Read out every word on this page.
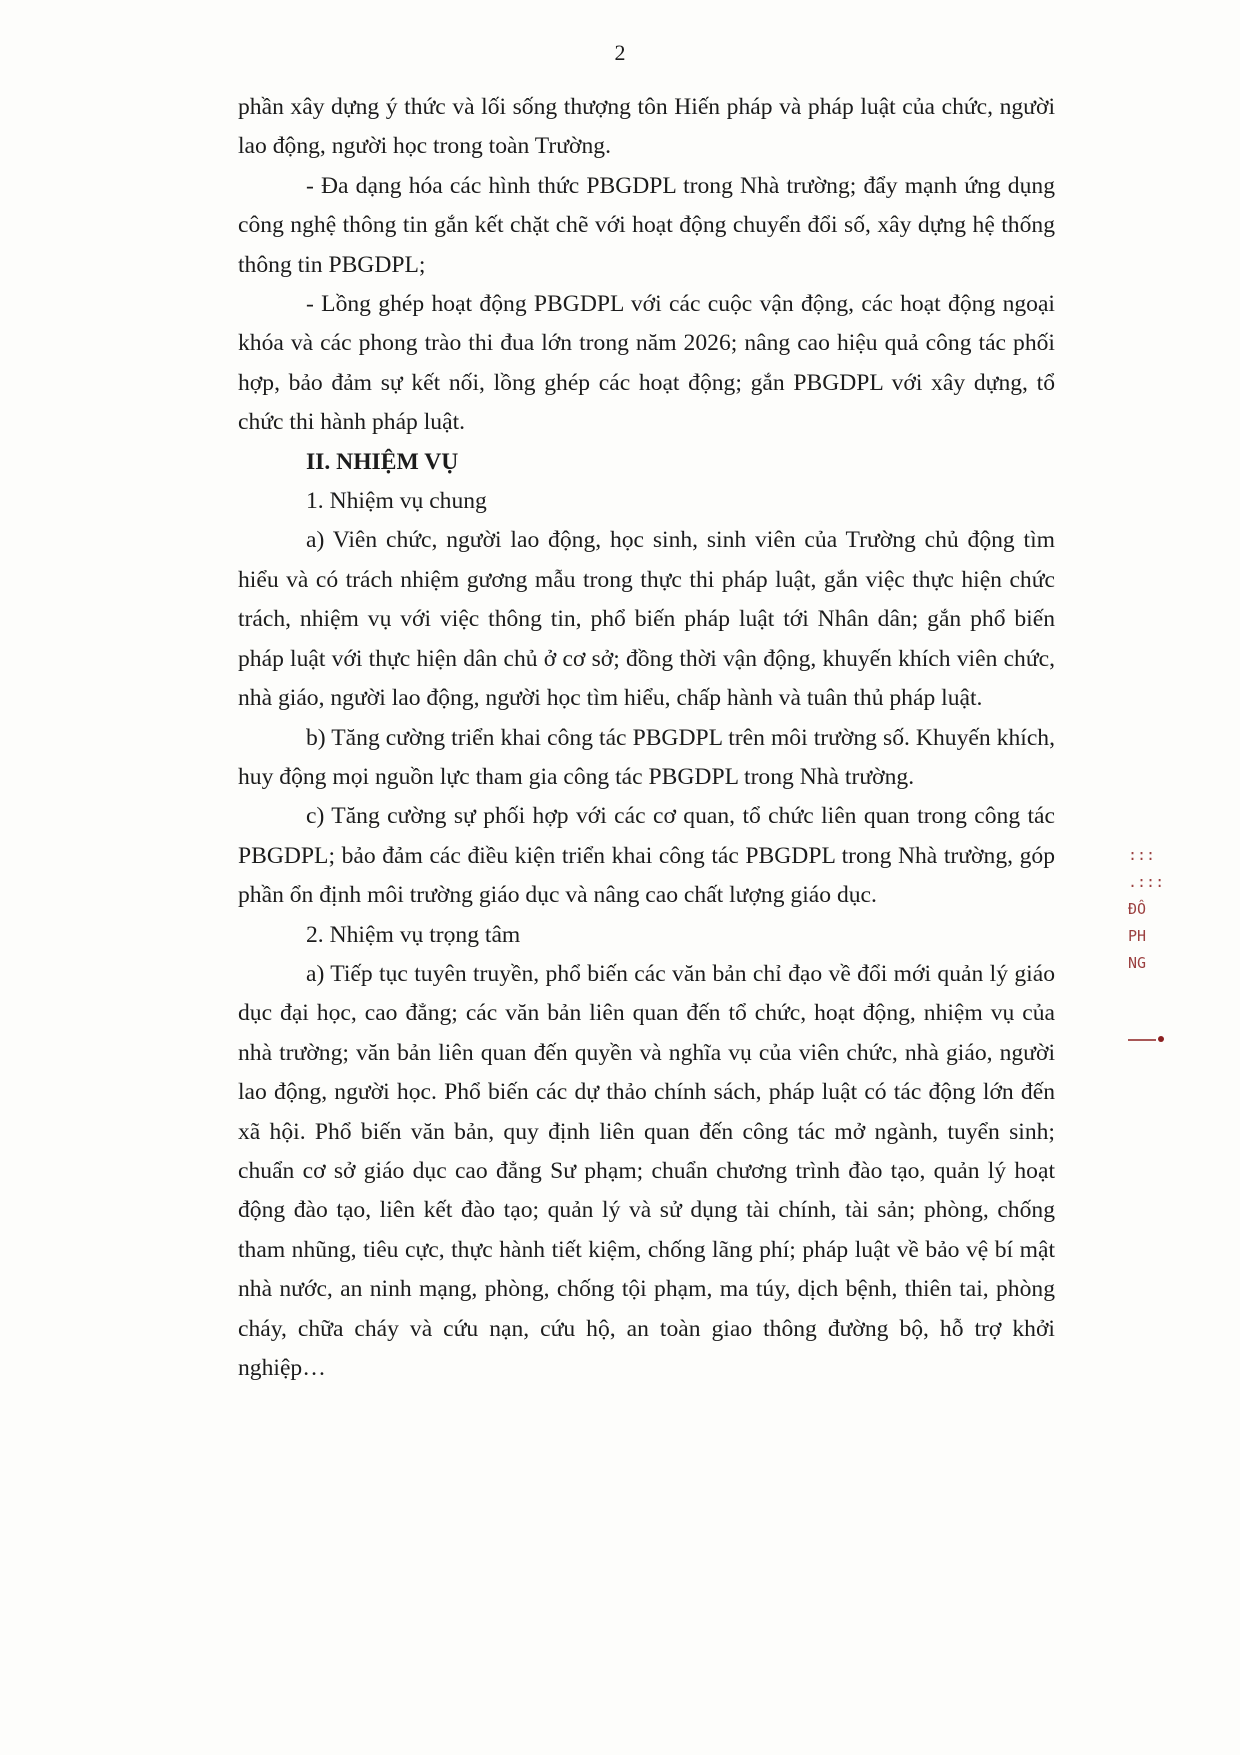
2

phần xây dựng ý thức và lối sống thượng tôn Hiến pháp và pháp luật của chức, người lao động, người học trong toàn Trường.

- Đa dạng hóa các hình thức PBGDPL trong Nhà trường; đẩy mạnh ứng dụng công nghệ thông tin gắn kết chặt chẽ với hoạt động chuyển đổi số, xây dựng hệ thống thông tin PBGDPL;

- Lồng ghép hoạt động PBGDPL với các cuộc vận động, các hoạt động ngoại khóa và các phong trào thi đua lớn trong năm 2026; nâng cao hiệu quả công tác phối hợp, bảo đảm sự kết nối, lồng ghép các hoạt động; gắn PBGDPL với xây dựng, tổ chức thi hành pháp luật.

II. NHIỆM VỤ

1. Nhiệm vụ chung

a) Viên chức, người lao động, học sinh, sinh viên của Trường chủ động tìm hiểu và có trách nhiệm gương mẫu trong thực thi pháp luật, gắn việc thực hiện chức trách, nhiệm vụ với việc thông tin, phổ biến pháp luật tới Nhân dân; gắn phổ biến pháp luật với thực hiện dân chủ ở cơ sở; đồng thời vận động, khuyến khích viên chức, nhà giáo, người lao động, người học tìm hiểu, chấp hành và tuân thủ pháp luật.

b) Tăng cường triển khai công tác PBGDPL trên môi trường số. Khuyến khích, huy động mọi nguồn lực tham gia công tác PBGDPL trong Nhà trường.

c) Tăng cường sự phối hợp với các cơ quan, tổ chức liên quan trong công tác PBGDPL; bảo đảm các điều kiện triển khai công tác PBGDPL trong Nhà trường, góp phần ổn định môi trường giáo dục và nâng cao chất lượng giáo dục.

2. Nhiệm vụ trọng tâm

a) Tiếp tục tuyên truyền, phổ biến các văn bản chỉ đạo về đổi mới quản lý giáo dục đại học, cao đẳng; các văn bản liên quan đến tổ chức, hoạt động, nhiệm vụ của nhà trường; văn bản liên quan đến quyền và nghĩa vụ của viên chức, nhà giáo, người lao động, người học. Phổ biến các dự thảo chính sách, pháp luật có tác động lớn đến xã hội. Phổ biến văn bản, quy định liên quan đến công tác mở ngành, tuyển sinh; chuẩn cơ sở giáo dục cao đẳng Sư phạm; chuẩn chương trình đào tạo, quản lý hoạt động đào tạo, liên kết đào tạo; quản lý và sử dụng tài chính, tài sản; phòng, chống tham nhũng, tiêu cực, thực hành tiết kiệm, chống lãng phí; pháp luật về bảo vệ bí mật nhà nước, an ninh mạng, phòng, chống tội phạm, ma túy, dịch bệnh, thiên tai, phòng cháy, chữa cháy và cứu nạn, cứu hộ, an toàn giao thông đường bộ, hỗ trợ khởi nghiệp…

:::
.:::
ĐÔ
PH
NG
